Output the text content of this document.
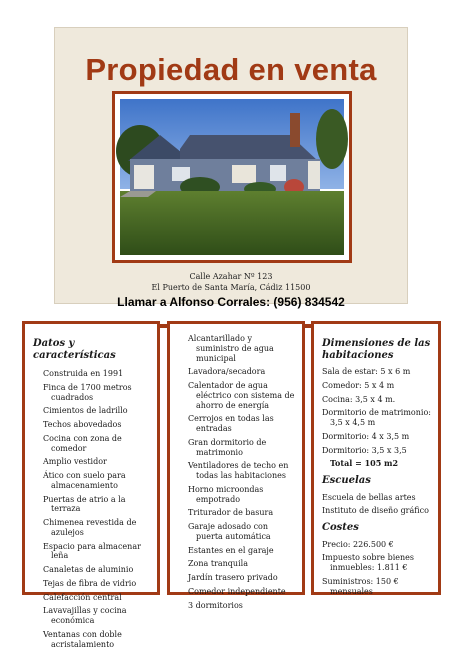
Propiedad en venta
Calle Azahar Nº 123
El Puerto de Santa María, Cádiz 11500
Llamar a Alfonso Corrales: (956) 834542
Datos y características
Construida en 1991
Finca de 1700 metros cuadrados
Cimientos de ladrillo
Techos abovedados
Cocina con zona de comedor
Amplio vestidor
Ático con suelo para almacenamiento
Puertas de atrio a la terraza
Chimenea revestida de azulejos
Espacio para almacenar leña
Canaletas de aluminio
Tejas de fibra de vidrio
Calefacción central
Lavavajillas y cocina económica
Ventanas con doble acristalamiento
Alcantarillado y suministro de agua municipal
Lavadora/secadora
Calentador de agua eléctrico con sistema de ahorro de energía
Cerrojos en todas las entradas
Gran dormitorio de matrimonio
Ventiladores de techo en todas las habitaciones
Horno microondas empotrado
Triturador de basura
Garaje adosado con puerta automática
Estantes en el garaje
Zona tranquila
Jardín trasero privado
Comedor independiente
3 dormitorios
Dimensiones de las habitaciones
Sala de estar: 5 x 6 m
Comedor: 5 x 4 m
Cocina: 3,5 x 4 m.
Dormitorio de matrimonio: 3,5 x 4,5 m
Dormitorio: 4 x 3,5 m
Dormitorio: 3,5 x 3,5
Total = 105 m2
Escuelas
Escuela de bellas artes
Instituto de diseño gráfico
Costes
Precio: 226.500 €
Impuesto sobre bienes inmuebles: 1.811 €
Suministros: 150 € mensuales
